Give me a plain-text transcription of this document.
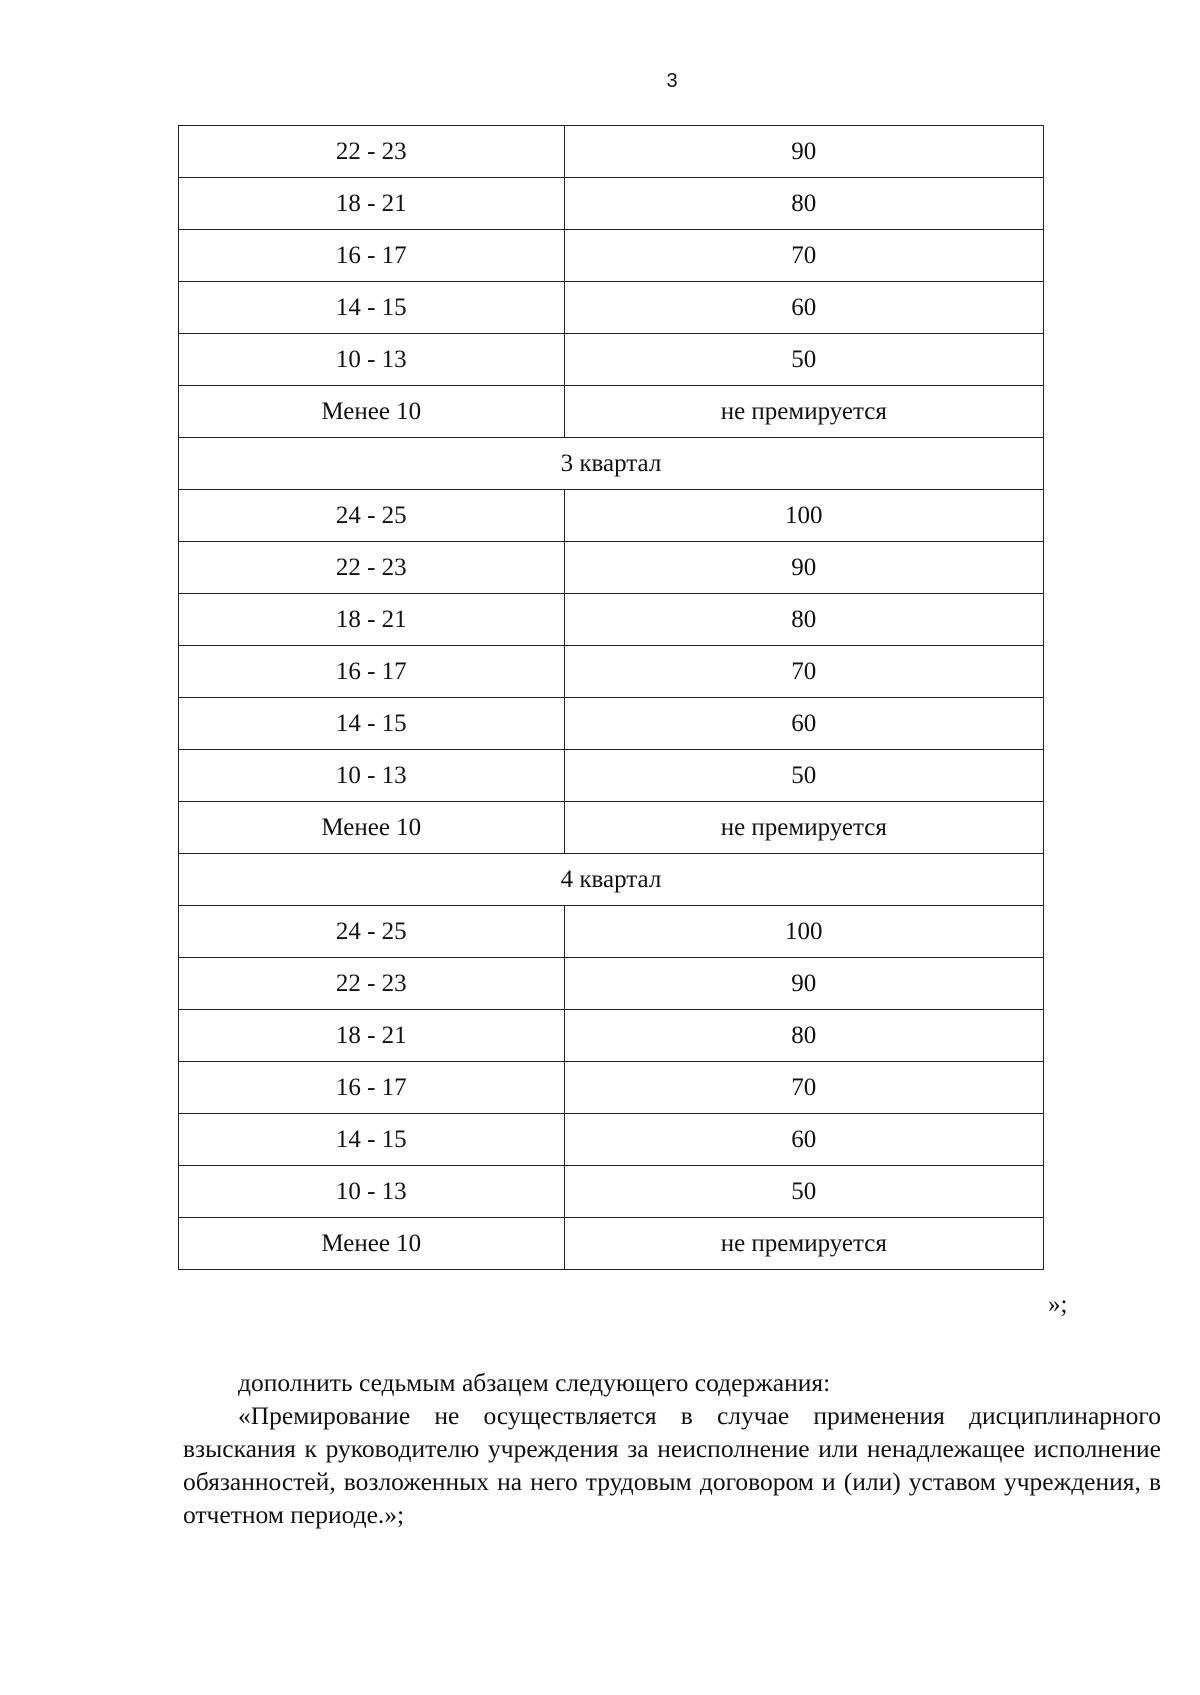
3
22 - 23	90
18 - 21	80
16 - 17	70
14 - 15	60
10 - 13	50
Менее 10	не премируется
3 квартал	
24 - 25	100
22 - 23	90
18 - 21	80
16 - 17	70
14 - 15	60
10 - 13	50
Менее 10	не премируется
4 квартал	
24 - 25	100
22 - 23	90
18 - 21	80
16 - 17	70
14 - 15	60
10 - 13	50
Менее 10	не премируется
»;

дополнить седьмым абзацем следующего содержания:

«Премирование не осуществляется в случае применения дисциплинарного взыскания к руководителю учреждения за неисполнение или ненадлежащее исполнение обязанностей, возложенных на него трудовым договором и (или) уставом учреждения, в отчетном периоде.»;
